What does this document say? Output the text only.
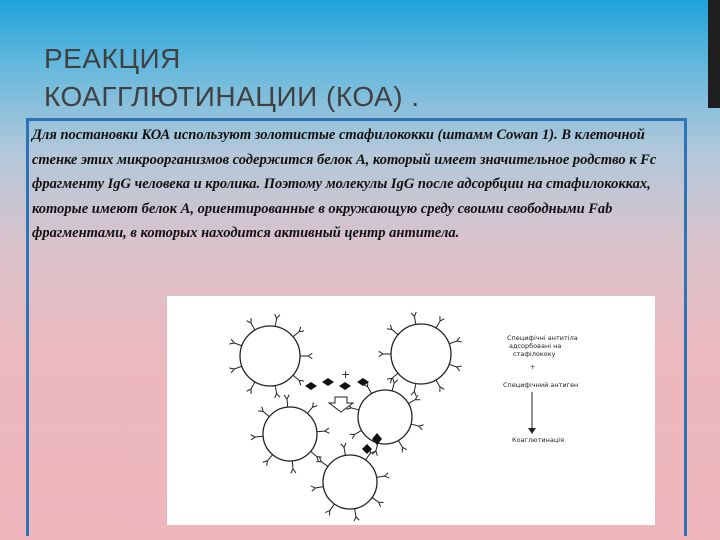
РЕАКЦИЯ
КОАГГЛЮТИНАЦИИ (КОА) .
Для постановки КОА используют золотистые стафилококки (штамм Cowan 1). В клеточной стенке этих микроорганизмов содержится белок А, который имеет значительное родство к Fc фрагменту IgG человека и кролика. Поэтому молекулы IgG после адсорбции на стафилококках, которые имеют белок А, ориентированные в окружающую среду своими свободными Fab фрагментами, в которых находится активный центр антитела.
+
Специфічні антитіла
адсорбовані на
стафілококу
+
Специфічний антиген
Коаглютинація
